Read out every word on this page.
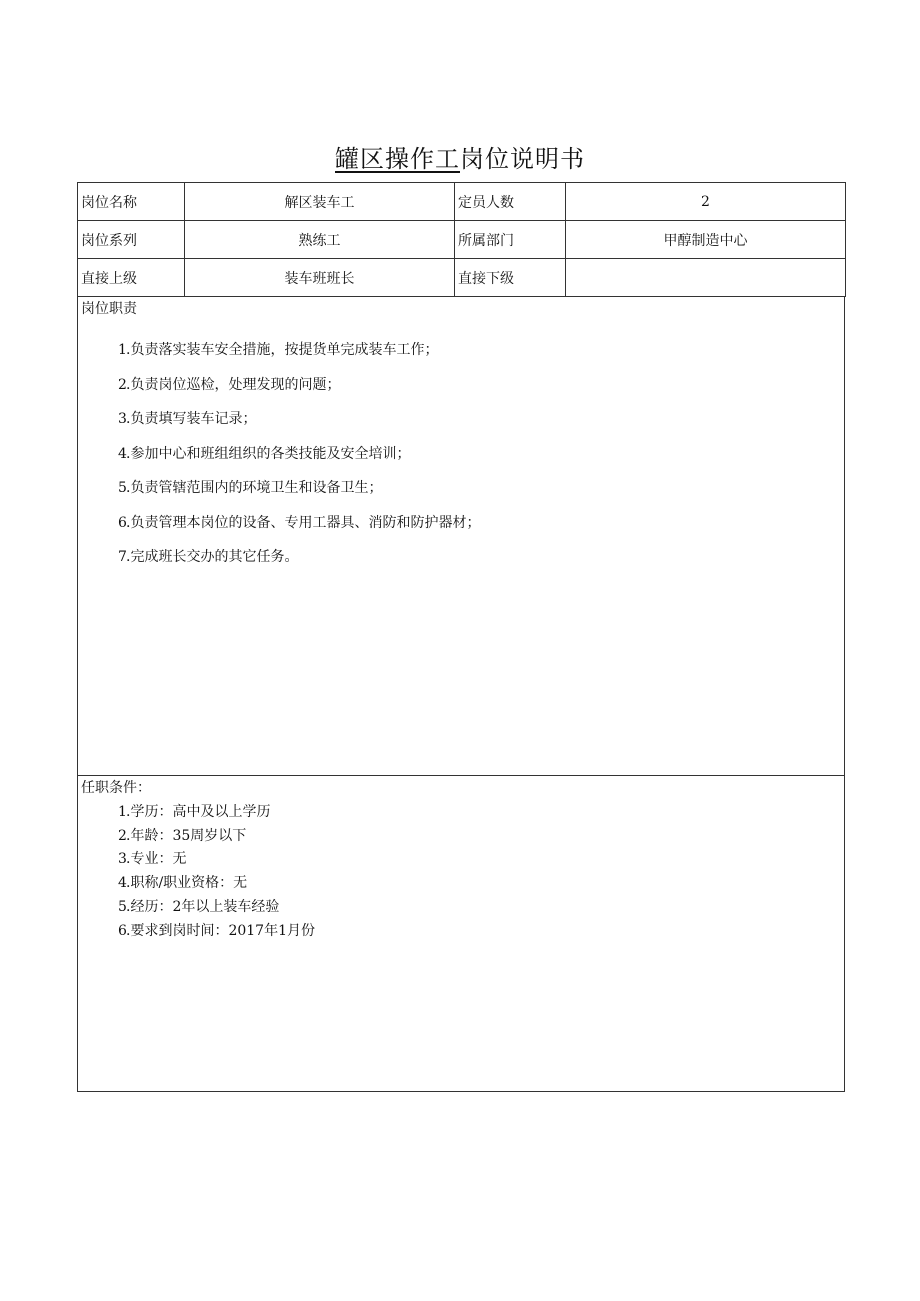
罐区操作工岗位说明书
岗位名称	解区装车工	定员人数	2
岗位系列	熟练工	所属部门	甲醇制造中心
直接上级	装车班班长	直接下级	
岗位职责
1.负责落实装车安全措施，按提货单完成装车工作；
2.负责岗位巡检，处理发现的问题；
3.负责填写装车记录；
4.参加中心和班组组织的各类技能及安全培训；
5.负责管辖范围内的环境卫生和设备卫生；
6.负责管理本岗位的设备、专用工器具、消防和防护器材；
7.完成班长交办的其它任务。
任职条件：
1.学历：高中及以上学历
2.年龄：35周岁以下
3.专业：无
4.职称/职业资格：无
5.经历：2年以上装车经验
6.要求到岗时间：2017年1月份
